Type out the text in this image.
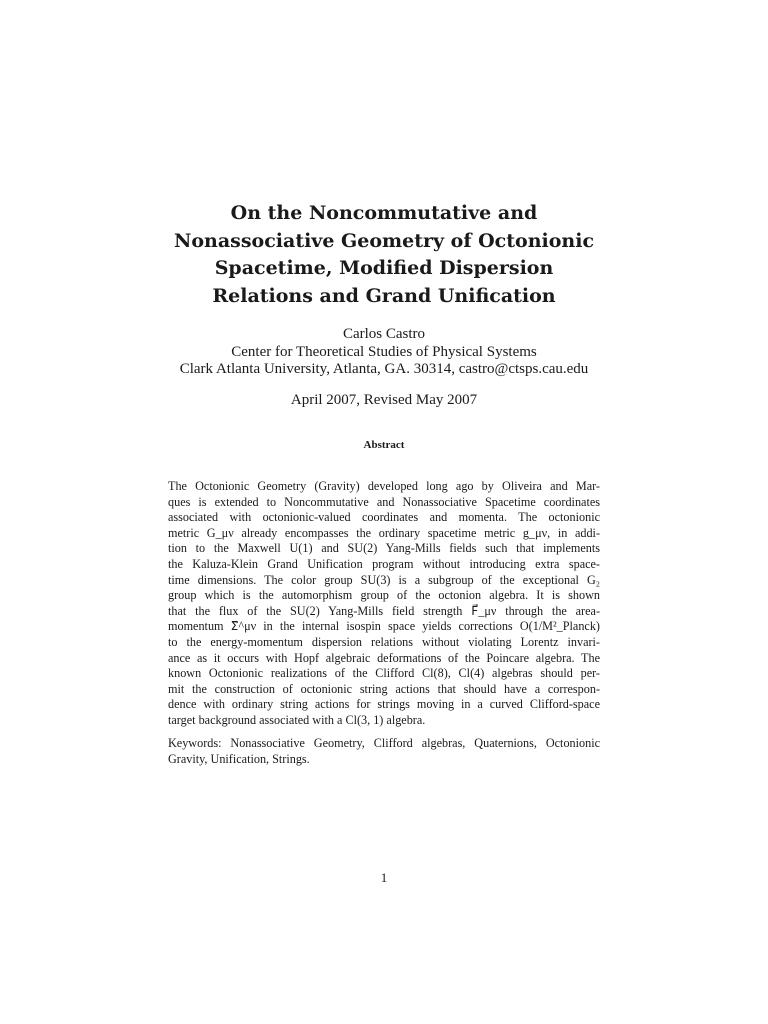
On the Noncommutative and
Nonassociative Geometry of Octonionic
Spacetime, Modified Dispersion
Relations and Grand Unification
Carlos Castro
Center for Theoretical Studies of Physical Systems
Clark Atlanta University, Atlanta, GA. 30314, castro@ctsps.cau.edu
April 2007, Revised May 2007
Abstract
The Octonionic Geometry (Gravity) developed long ago by Oliveira and Mar-
ques is extended to Noncommutative and Nonassociative Spacetime coordinates
associated with octonionic-valued coordinates and momenta. The octonionic
metric G_μν already encompasses the ordinary spacetime metric g_μν, in addi-
tion to the Maxwell U(1) and SU(2) Yang-Mills fields such that implements
the Kaluza-Klein Grand Unification program without introducing extra space-
time dimensions. The color group SU(3) is a subgroup of the exceptional G₂
group which is the automorphism group of the octonion algebra. It is shown
that the flux of the SU(2) Yang-Mills field strength F⃗_μν through the area-
momentum Σ⃗^μν in the internal isospin space yields corrections O(1/M²_Planck)
to the energy-momentum dispersion relations without violating Lorentz invari-
ance as it occurs with Hopf algebraic deformations of the Poincare algebra. The
known Octonionic realizations of the Clifford Cl(8), Cl(4) algebras should per-
mit the construction of octonionic string actions that should have a correspon-
dence with ordinary string actions for strings moving in a curved Clifford-space
target background associated with a Cl(3, 1) algebra.
Keywords: Nonassociative Geometry, Clifford algebras, Quaternions, Octonionic
Gravity, Unification, Strings.
1
